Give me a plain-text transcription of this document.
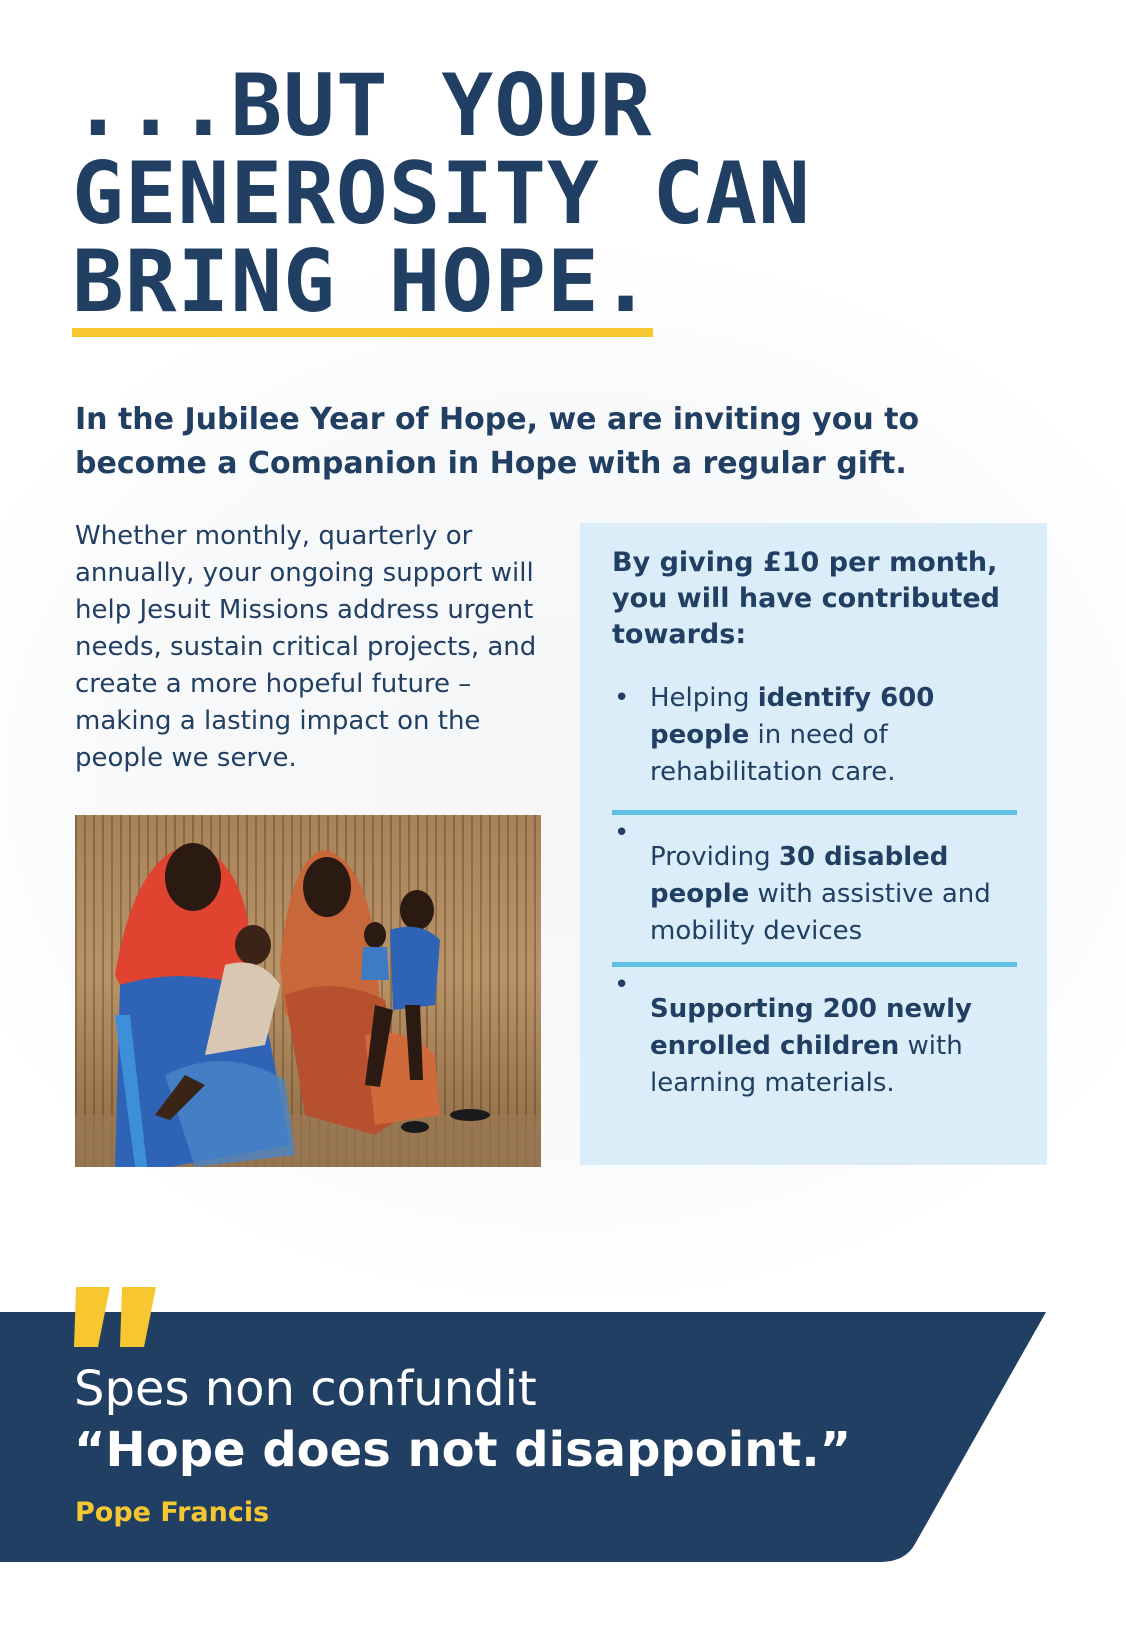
...BUT YOUR
GENEROSITY CAN
BRING HOPE.

In the Jubilee Year of Hope, we are inviting you to become a Companion in Hope with a regular gift.

Whether monthly, quarterly or annually, your ongoing support will help Jesuit Missions address urgent needs, sustain critical projects, and create a more hopeful future – making a lasting impact on the people we serve.

By giving £10 per month, you will have contributed towards:

• Helping identify 600 people in need of rehabilitation care.
• Providing 30 disabled people with assistive and mobility devices
• Supporting 200 newly enrolled children with learning materials.

Spes non confundit

“Hope does not disappoint.”

Pope Francis
